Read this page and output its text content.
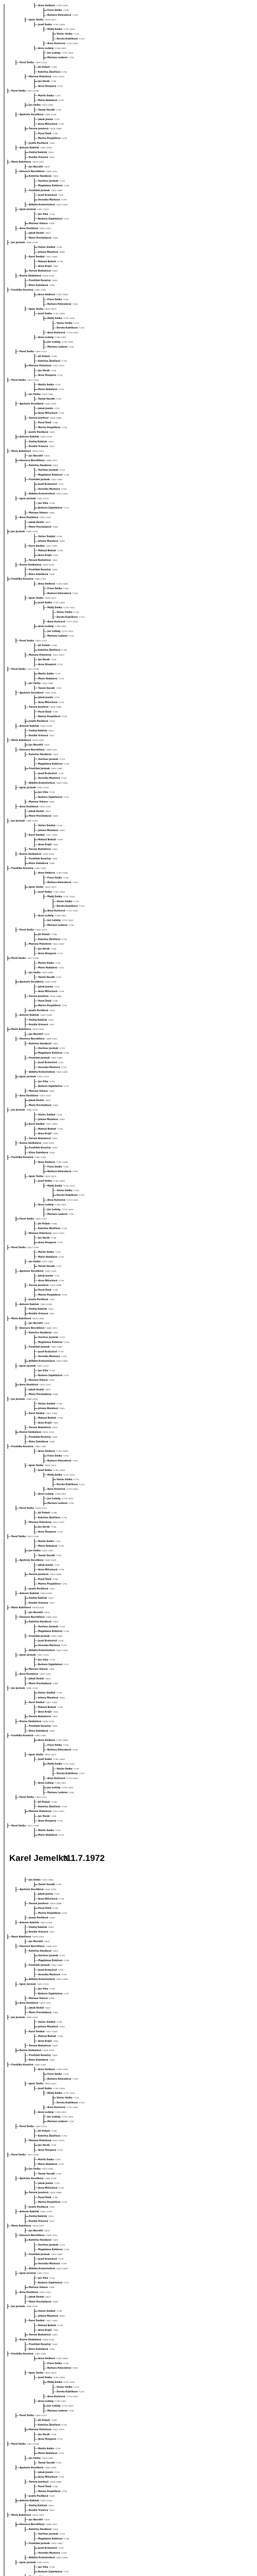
Anna Smiková *1785 †1828
Franz Smika *1760
Barbara Holeceková *1762
Ignác Smika *1809 †1873
Josef Smika *1781 †1849
Matěj Smika *1752 †1812
Václav Smika *1724
Dorota Kubíčková *1730
Anna Kučerová *1755 †1820
Anna Ludwig *1786 †1851
Jan Ludwig *1759 †1823
Mariana Lusková *1761
Pavel Smika *1840 †1915
Jiří Polách *1788
Kateřina Zbořilová *1790
Mariana Poláchová *1812 †1879
Jan Horák *1789
Anna Stoupová *1791
Pavel Smika *1873 †1946
Martin Smika *1790
Marie Hadašová *1793
Jan Smika *1815 †1881
Tomáš Vaculík *1787
Apolonie Vaculíková *1845 †1905
Jakub Janota *1791
Anna Mlčochová *1794
Terezie Janotová *1818 †1886
Pavel Šmíd *1789
Marina Pospíšilová *1792
Josefa Pavlíková *1819
Antonín Kubíček *1842 †1908
Ondřej Kubíček *1814
Rozálie Vránová *1817
Marie Kubíčková *1876 †1950
Jan Navrátil *1816
Eleonora Navrátilová *1848 †1921
Kateřina Hanáková *1820
Vavřinec Juránek *1793
Magdalena Kolářová *1796
František Juránek *1822 †1887
Josef Kratochvíl *1795
Veronika Machová *1799
Alžběta Kratochvílová *1825 †1890
Ignác Juránek *1851 †1919
Jan Vrba *1794
Barbora Zapletalová *1797
Mariana Vrbová *1826
Anna Dostálová *1853 †1927
Jakub Dostál *1824
Marie Procházková *1828
Jan Juránek *1880 †1955
Václav Smékal *1796
Johana Mazalová *1800
Karel Smékal *1827 †1893
Matouš Bednář *1798
Anna Krejčí *1801
Teresie Bednářová *1829
Rozina Smékalová *1856 †1930
František Konečný *1830
Klára Zedníková *1832
Františka Konečná *1882 †1961
Anna Smiková *1785 †1828
Franz Smika *1760
Barbara Holeceková *1762
Ignác Smika *1809 †1873
Josef Smika *1781 †1849
Matěj Smika *1752 †1812
Václav Smika *1724
Dorota Kubíčková *1730
Anna Kučerová *1755 †1820
Anna Ludwig *1786 †1851
Jan Ludwig *1759 †1823
Mariana Lusková *1761
Pavel Smika *1840 †1915
Jiří Polách *1788
Kateřina Zbořilová *1790
Mariana Poláchová *1812 †1879
Jan Horák *1789
Anna Stoupová *1791
Pavel Smika *1873 †1946
Martin Smika *1790
Marie Hadašová *1793
Jan Smika *1815 †1881
Tomáš Vaculík *1787
Apolonie Vaculíková *1845 †1905
Jakub Janota *1791
Anna Mlčochová *1794
Terezie Janotová *1818 †1886
Pavel Šmíd *1789
Marina Pospíšilová *1792
Josefa Pavlíková *1819
Antonín Kubíček *1842 †1908
Ondřej Kubíček *1814
Rozálie Vránová *1817
Marie Kubíčková *1876 †1950
Jan Navrátil *1816
Eleonora Navrátilová *1848 †1921
Kateřina Hanáková *1820
Vavřinec Juránek *1793
Magdalena Kolářová *1796
František Juránek *1822 †1887
Josef Kratochvíl *1795
Veronika Machová *1799
Alžběta Kratochvílová *1825 †1890
Ignác Juránek *1851 †1919
Jan Vrba *1794
Barbora Zapletalová *1797
Mariana Vrbová *1826
Anna Dostálová *1853 †1927
Jakub Dostál *1824
Marie Procházková *1828
Jan Juránek *1880 †1955
Václav Smékal *1796
Johana Mazalová *1800
Karel Smékal *1827 †1893
Matouš Bednář *1798
Anna Krejčí *1801
Teresie Bednářová *1829
Rozina Smékalová *1856 †1930
František Konečný *1830
Klára Zedníková *1832
Františka Konečná *1882 †1961
Anna Smiková *1785 †1828
Franz Smika *1760
Barbara Holeceková *1762
Ignác Smika *1809 †1873
Josef Smika *1781 †1849
Matěj Smika *1752 †1812
Václav Smika *1724
Dorota Kubíčková *1730
Anna Kučerová *1755 †1820
Anna Ludwig *1786 †1851
Jan Ludwig *1759 †1823
Mariana Lusková *1761
Pavel Smika *1840 †1915
Jiří Polách *1788
Kateřina Zbořilová *1790
Mariana Poláchová *1812 †1879
Jan Horák *1789
Anna Stoupová *1791
Pavel Smika *1873 †1946
Martin Smika *1790
Marie Hadašová *1793
Jan Smika *1815 †1881
Tomáš Vaculík *1787
Apolonie Vaculíková *1845 †1905
Jakub Janota *1791
Anna Mlčochová *1794
Terezie Janotová *1818 †1886
Pavel Šmíd *1789
Marina Pospíšilová *1792
Josefa Pavlíková *1819
Antonín Kubíček *1842 †1908
Ondřej Kubíček *1814
Rozálie Vránová *1817
Marie Kubíčková *1876 †1950
Jan Navrátil *1816
Eleonora Navrátilová *1848 †1921
Kateřina Hanáková *1820
Vavřinec Juránek *1793
Magdalena Kolářová *1796
František Juránek *1822 †1887
Josef Kratochvíl *1795
Veronika Machová *1799
Alžběta Kratochvílová *1825 †1890
Ignác Juránek *1851 †1919
Jan Vrba *1794
Barbora Zapletalová *1797
Mariana Vrbová *1826
Anna Dostálová *1853 †1927
Jakub Dostál *1824
Marie Procházková *1828
Jan Juránek *1880 †1955
Václav Smékal *1796
Johana Mazalová *1800
Karel Smékal *1827 †1893
Matouš Bednář *1798
Anna Krejčí *1801
Teresie Bednářová *1829
Rozina Smékalová *1856 †1930
František Konečný *1830
Klára Zedníková *1832
Františka Konečná *1882 †1961
Anna Smiková *1785 †1828
Franz Smika *1760
Barbara Holeceková *1762
Ignác Smika *1809 †1873
Josef Smika *1781 †1849
Matěj Smika *1752 †1812
Václav Smika *1724
Dorota Kubíčková *1730
Anna Kučerová *1755 †1820
Anna Ludwig *1786 †1851
Jan Ludwig *1759 †1823
Mariana Lusková *1761
Pavel Smika *1840 †1915
Jiří Polách *1788
Kateřina Zbořilová *1790
Mariana Poláchová *1812 †1879
Jan Horák *1789
Anna Stoupová *1791
Pavel Smika *1873 †1946
Martin Smika *1790
Marie Hadašová *1793
Jan Smika *1815 †1881
Tomáš Vaculík *1787
Apolonie Vaculíková *1845 †1905
Jakub Janota *1791
Anna Mlčochová *1794
Terezie Janotová *1818 †1886
Pavel Šmíd *1789
Marina Pospíšilová *1792
Josefa Pavlíková *1819
Antonín Kubíček *1842 †1908
Ondřej Kubíček *1814
Rozálie Vránová *1817
Marie Kubíčková *1876 †1950
Jan Navrátil *1816
Eleonora Navrátilová *1848 †1921
Kateřina Hanáková *1820
Vavřinec Juránek *1793
Magdalena Kolářová *1796
František Juránek *1822 †1887
Josef Kratochvíl *1795
Veronika Machová *1799
Alžběta Kratochvílová *1825 †1890
Ignác Juránek *1851 †1919
Jan Vrba *1794
Barbora Zapletalová *1797
Mariana Vrbová *1826
Anna Dostálová *1853 †1927
Jakub Dostál *1824
Marie Procházková *1828
Jan Juránek *1880 †1955
Václav Smékal *1796
Johana Mazalová *1800
Karel Smékal *1827 †1893
Matouš Bednář *1798
Anna Krejčí *1801
Teresie Bednářová *1829
Rozina Smékalová *1856 †1930
František Konečný *1830
Klára Zedníková *1832
Františka Konečná *1882 †1961
Anna Smiková *1785 †1828
Franz Smika *1760
Barbara Holeceková *1762
Ignác Smika *1809 †1873
Josef Smika *1781 †1849
Matěj Smika *1752 †1812
Václav Smika *1724
Dorota Kubíčková *1730
Anna Kučerová *1755 †1820
Anna Ludwig *1786 †1851
Jan Ludwig *1759 †1823
Mariana Lusková *1761
Pavel Smika *1840 †1915
Jiří Polách *1788
Kateřina Zbořilová *1790
Mariana Poláchová *1812 †1879
Jan Horák *1789
Anna Stoupová *1791
Pavel Smika *1873 †1946
Martin Smika *1790
Marie Hadašová *1793
Jan Smika *1815 †1881
Tomáš Vaculík *1787
Apolonie Vaculíková *1845 †1905
Jakub Janota *1791
Anna Mlčochová *1794
Terezie Janotová *1818 †1886
Pavel Šmíd *1789
Marina Pospíšilová *1792
Josefa Pavlíková *1819
Antonín Kubíček *1842 †1908
Ondřej Kubíček *1814
Rozálie Vránová *1817
Marie Kubíčková *1876 †1950
Jan Navrátil *1816
Eleonora Navrátilová *1848 †1921
Kateřina Hanáková *1820
Vavřinec Juránek *1793
Magdalena Kolářová *1796
František Juránek *1822 †1887
Josef Kratochvíl *1795
Veronika Machová *1799
Alžběta Kratochvílová *1825 †1890
Ignác Juránek *1851 †1919
Jan Vrba *1794
Barbora Zapletalová *1797
Mariana Vrbová *1826
Anna Dostálová *1853 †1927
Jakub Dostál *1824
Marie Procházková *1828
Jan Juránek *1880 †1955
Václav Smékal *1796
Johana Mazalová *1800
Karel Smékal *1827 †1893
Matouš Bednář *1798
Anna Krejčí *1801
Teresie Bednářová *1829
Rozina Smékalová *1856 †1930
František Konečný *1830
Klára Zedníková *1832
Františka Konečná *1882 †1961
Anna Smiková *1785 †1828
Franz Smika *1760
Barbara Holeceková *1762
Ignác Smika *1809 †1873
Josef Smika *1781 †1849
Matěj Smika *1752 †1812
Václav Smika *1724
Dorota Kubíčková *1730
Anna Kučerová *1755 †1820
Anna Ludwig *1786 †1851
Jan Ludwig *1759 †1823
Mariana Lusková *1761
Pavel Smika *1840 †1915
Jiří Polách *1788
Kateřina Zbořilová *1790
Mariana Poláchová *1812 †1879
Jan Horák *1789
Anna Stoupová *1791
Pavel Smika *1873 †1946
Martin Smika *1790
Marie Hadašová *1793
Jan Smika *1815 †1881
Tomáš Vaculík *1787
Apolonie Vaculíková *1845 †1905
Jakub Janota *1791
Anna Mlčochová *1794
Terezie Janotová *1818 †1886
Pavel Šmíd *1789
Marina Pospíšilová *1792
Josefa Pavlíková *1819
Antonín Kubíček *1842 †1908
Ondřej Kubíček *1814
Rozálie Vránová *1817
Marie Kubíčková *1876 †1950
Jan Navrátil *1816
Eleonora Navrátilová *1848 †1921
Kateřina Hanáková *1820
Vavřinec Juránek *1793
Magdalena Kolářová *1796
František Juránek *1822 †1887
Josef Kratochvíl *1795
Veronika Machová *1799
Alžběta Kratochvílová *1825 †1890
Ignác Juránek *1851 †1919
Jan Vrba *1794
Barbora Zapletalová *1797
Mariana Vrbová *1826
Anna Dostálová *1853 †1927
Jakub Dostál *1824
Marie Procházková *1828
Jan Juránek *1880 †1955
Václav Smékal *1796
Johana Mazalová *1800
Karel Smékal *1827 †1893
Matouš Bednář *1798
Anna Krejčí *1801
Teresie Bednářová *1829
Rozina Smékalová *1856 †1930
František Konečný *1830
Klára Zedníková *1832
Františka Konečná *1882 †1961
Anna Smiková *1785 †1828
Franz Smika *1760
Barbara Holeceková *1762
Ignác Smika *1809 †1873
Josef Smika *1781 †1849
Matěj Smika *1752 †1812
Václav Smika *1724
Dorota Kubíčková *1730
Anna Kučerová *1755 †1820
Anna Ludwig *1786 †1851
Jan Ludwig *1759 †1823
Mariana Lusková *1761
Pavel Smika *1840 †1915
Jiří Polách *1788
Kateřina Zbořilová *1790
Mariana Poláchová *1812 †1879
Jan Horák *1789
Anna Stoupová *1791
Pavel Smika *1873 †1946
Martin Smika *1790
Marie Hadašová *1793
Jan Smika *1815 †1881
Tomáš Vaculík *1787
Apolonie Vaculíková *1845 †1905
Jakub Janota *1791
Anna Mlčochová *1794
Terezie Janotová *1818 †1886
Pavel Šmíd *1789
Marina Pospíšilová *1792
Josefa Pavlíková *1819
Antonín Kubíček *1842 †1908
Ondřej Kubíček *1814
Rozálie Vránová *1817
Marie Kubíčková *1876 †1950
Jan Navrátil *1816
Eleonora Navrátilová *1848 †1921
Kateřina Hanáková *1820
Vavřinec Juránek *1793
Magdalena Kolářová *1796
František Juránek *1822 †1887
Josef Kratochvíl *1795
Veronika Machová *1799
Alžběta Kratochvílová *1825 †1890
Ignác Juránek *1851 †1919
Jan Vrba *1794
Barbora Zapletalová *1797
Mariana Vrbová *1826
Anna Dostálová *1853 †1927
Jakub Dostál *1824
Marie Procházková *1828
Jan Juránek *1880 †1955
Václav Smékal *1796
Johana Mazalová *1800
Karel Smékal *1827 †1893
Matouš Bednář *1798
Anna Krejčí *1801
Teresie Bednářová *1829
Rozina Smékalová *1856 †1930
František Konečný *1830
Klára Zedníková *1832
Františka Konečná *1882 †1961
Anna Smiková *1785 †1828
Franz Smika *1760
Barbara Holeceková *1762
Ignác Smika *1809 †1873
Josef Smika *1781 †1849
Matěj Smika *1752 †1812
Václav Smika *1724
Dorota Kubíčková *1730
Anna Kučerová *1755 †1820
Anna Ludwig *1786 †1851
Jan Ludwig *1759 †1823
Mariana Lusková *1761
Pavel Smika *1840 †1915
Jiří Polách *1788
Kateřina Zbořilová *1790
Mariana Poláchová *1812 †1879
Jan Horák *1789
Anna Stoupová *1791
Pavel Smika *1873 †1946
Martin Smika *1790
Marie Hadašová *1793
Jan Smika *1815 †1881
Tomáš Vaculík *1787
Apolonie Vaculíková *1845 †1905
Jakub Janota *1791
Anna Mlčochová *1794
Terezie Janotová *1818 †1886
Pavel Šmíd *1789
Marina Pospíšilová *1792
Josefa Pavlíková *1819
Antonín Kubíček *1842 †1908
Ondřej Kubíček *1814
Rozálie Vránová *1817
Marie Kubíčková *1876 †1950
Jan Navrátil *1816
Eleonora Navrátilová *1848 †1921
Kateřina Hanáková *1820
Vavřinec Juránek *1793
Magdalena Kolářová *1796
František Juránek *1822 †1887
Josef Kratochvíl *1795
Veronika Machová *1799
Alžběta Kratochvílová *1825 †1890
Ignác Juránek *1851 †1919
Jan Vrba *1794
Barbora Zapletalová *1797
Mariana Vrbová *1826
Anna Dostálová *1853 †1927
Jakub Dostál *1824
Marie Procházková *1828
Jan Juránek *1880 †1955
Václav Smékal *1796
Johana Mazalová *1800
Karel Smékal *1827 †1893
Matouš Bednář *1798
Anna Krejčí *1801
Teresie Bednářová *1829
Rozina Smékalová *1856 †1930
František Konečný *1830
Klára Zedníková *1832
Františka Konečná *1882 †1961
Anna Smiková *1785 †1828
Franz Smika *1760
Barbara Holeceková *1762
Ignác Smika *1809 †1873
Josef Smika *1781 †1849
Matěj Smika *1752 †1812
Václav Smika *1724
Dorota Kubíčková *1730
Anna Kučerová *1755 †1820
Anna Ludwig *1786 †1851
Jan Ludwig *1759 †1823
Mariana Lusková *1761
Pavel Smika *1840 †1915
Jiří Polách *1788
Kateřina Zbořilová *1790
Mariana Poláchová *1812 †1879
Jan Horák *1789
Anna Stoupová *1791
Pavel Smika *1873 †1946
Martin Smika *1790
Marie Hadašová *1793
Jan Smika *1815 †1881
Tomáš Vaculík *1787
Apolonie Vaculíková *1845 †1905
Jakub Janota *1791
Anna Mlčochová *1794
Terezie Janotová *1818 †1886
Pavel Šmíd *1789
Marina Pospíšilová *1792
Josefa Pavlíková *1819
Antonín Kubíček *1842 †1908
Ondřej Kubíček *1814
Rozálie Vránová *1817
Marie Kubíčková *1876 †1950
Jan Navrátil *1816
Eleonora Navrátilová *1848 †1921
Kateřina Hanáková *1820
Vavřinec Juránek *1793
Magdalena Kolářová *1796
František Juránek *1822 †1887
Josef Kratochvíl *1795
Veronika Machová *1799
Alžběta Kratochvílová *1825 †1890
Ignác Juránek *1851 †1919
Jan Vrba *1794
Barbora Zapletalová *1797
Karel Jemelka
*11.7.1972
